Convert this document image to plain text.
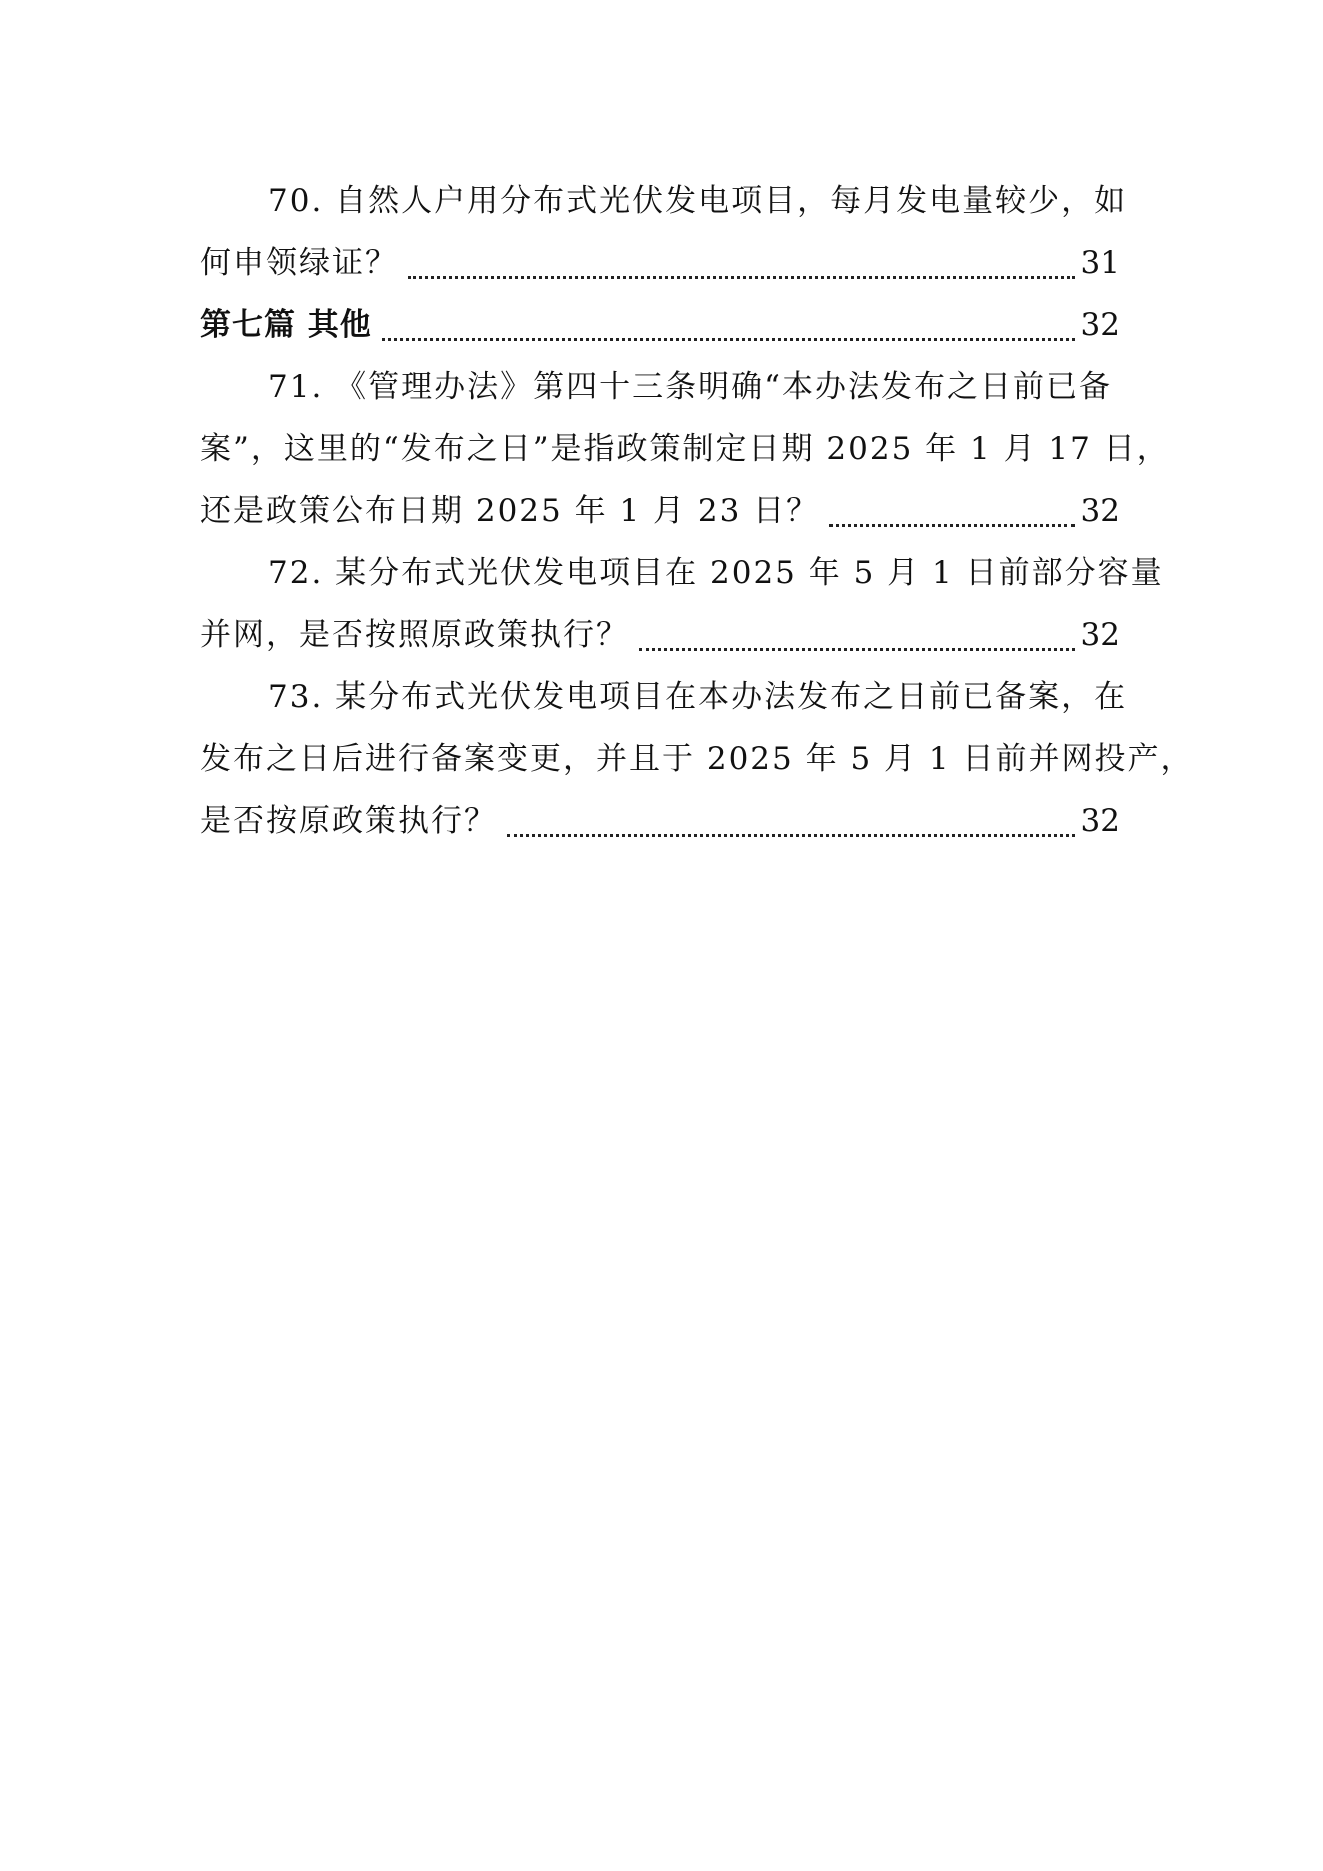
70. 自然人户用分布式光伏发电项目，每月发电量较少，如
何申领绿证？	31
第七篇 其他	32
71. 《管理办法》第四十三条明确“本办法发布之日前已备
案”，这里的“发布之日”是指政策制定日期 2025 年 1 月 17 日，
还是政策公布日期 2025 年 1 月 23 日？	32
72. 某分布式光伏发电项目在 2025 年 5 月 1 日前部分容量
并网，是否按照原政策执行？	32
73. 某分布式光伏发电项目在本办法发布之日前已备案，在
发布之日后进行备案变更，并且于 2025 年 5 月 1 日前并网投产，
是否按原政策执行？	32
